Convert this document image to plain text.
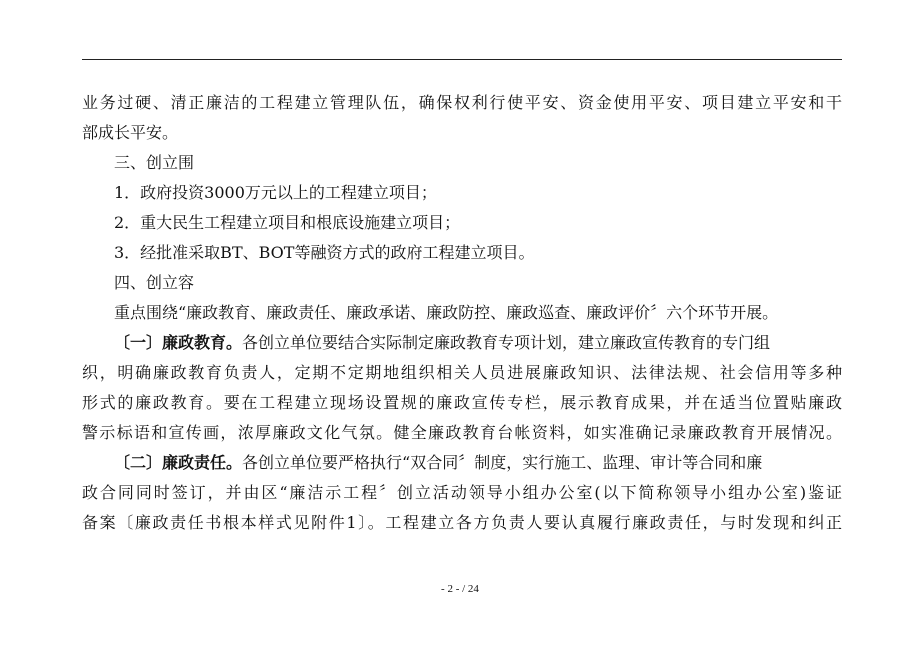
业务过硬、清正廉洁的工程建立管理队伍，确保权利行使平安、资金使用平安、项目建立平安和干
部成长平安。
三、创立围
1．政府投资3000万元以上的工程建立项目；
2．重大民生工程建立项目和根底设施建立项目；
3．经批准采取BT、BOT等融资方式的政府工程建立项目。
四、创立容
重点围绕“廉政教育、廉政责任、廉政承诺、廉政防控、廉政巡查、廉政评价〞六个环节开展。
〔一〕廉政教育。各创立单位要结合实际制定廉政教育专项计划，建立廉政宣传教育的专门组
织，明确廉政教育负责人，定期不定期地组织相关人员进展廉政知识、法律法规、社会信用等多种
形式的廉政教育。要在工程建立现场设置规的廉政宣传专栏，展示教育成果，并在适当位置贴廉政
警示标语和宣传画，浓厚廉政文化气氛。健全廉政教育台帐资料，如实准确记录廉政教育开展情况。
〔二〕廉政责任。各创立单位要严格执行“双合同〞制度，实行施工、监理、审计等合同和廉
政合同同时签订，并由区“廉洁示工程〞创立活动领导小组办公室(以下简称领导小组办公室)鉴证
备案〔廉政责任书根本样式见附件1〕。工程建立各方负责人要认真履行廉政责任，与时发现和纠正
- 2 - / 24
